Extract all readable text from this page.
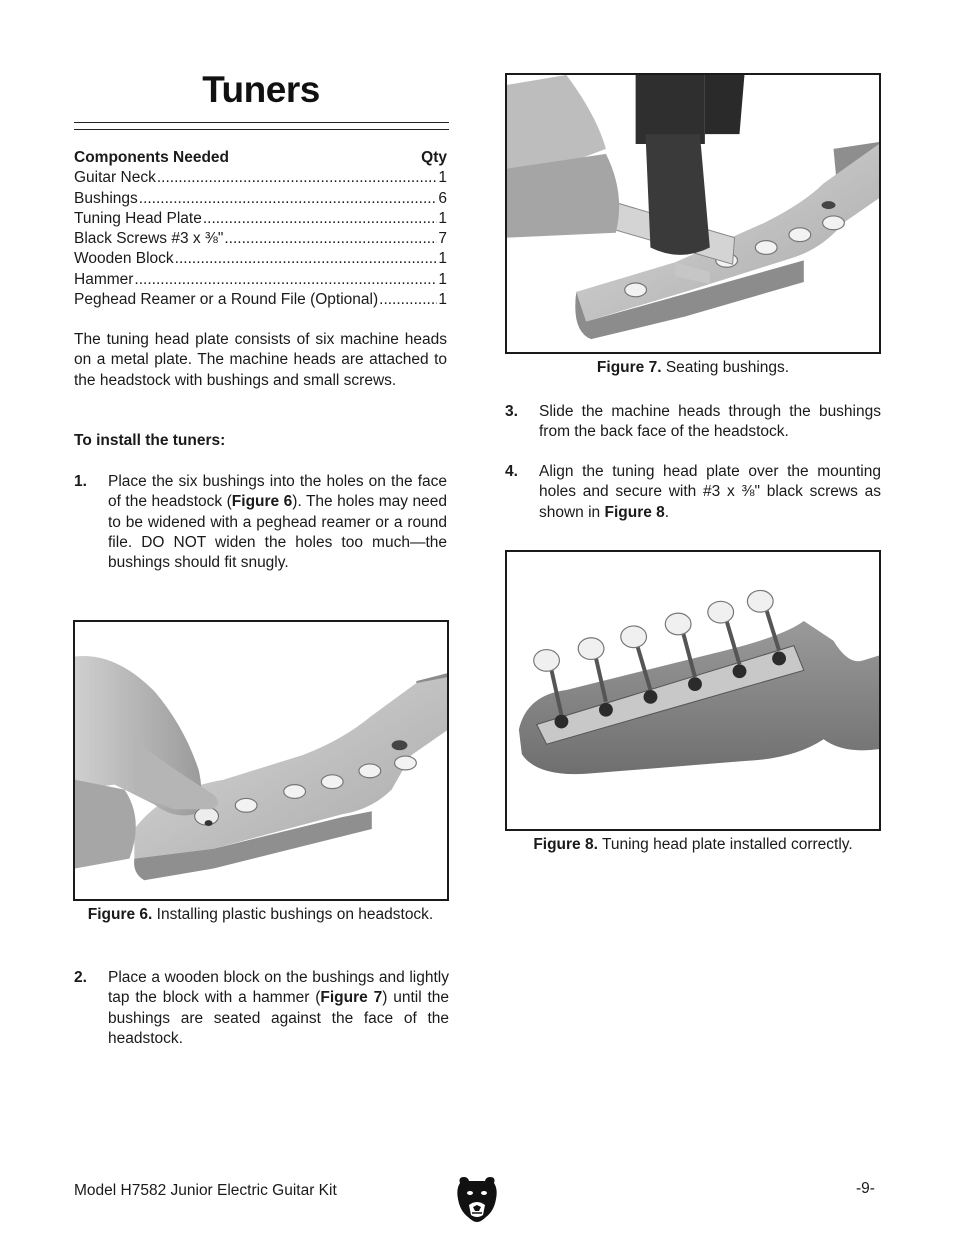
Tuners
Components Needed	Qty
Guitar Neck .....	1
Bushings .....	6
Tuning Head Plate .....	1
Black Screws #3 x ⅜" .....	7
Wooden Block .....	1
Hammer .....	1
Peghead Reamer or a Round File (Optional) .....	1
The tuning head plate consists of six machine heads on a metal plate. The machine heads are attached to the headstock with bushings and small screws.
To install the tuners:
1.	Place the six bushings into the holes on the face of the headstock (Figure 6). The holes may need to be widened with a peghead reamer or a round file. DO NOT widen the holes too much—the bushings should fit snugly.
Figure 6. Installing plastic bushings on headstock.
2.	Place a wooden block on the bushings and lightly tap the block with a hammer (Figure 7) until the bushings are seated against the face of the headstock.
Figure 7. Seating bushings.
3.	Slide the machine heads through the bushings from the back face of the headstock.
4.	Align the tuning head plate over the mounting holes and secure with #3 x ⅜" black screws as shown in Figure 8.
Figure 8. Tuning head plate installed correctly.
Model H7582 Junior Electric Guitar Kit	-9-
